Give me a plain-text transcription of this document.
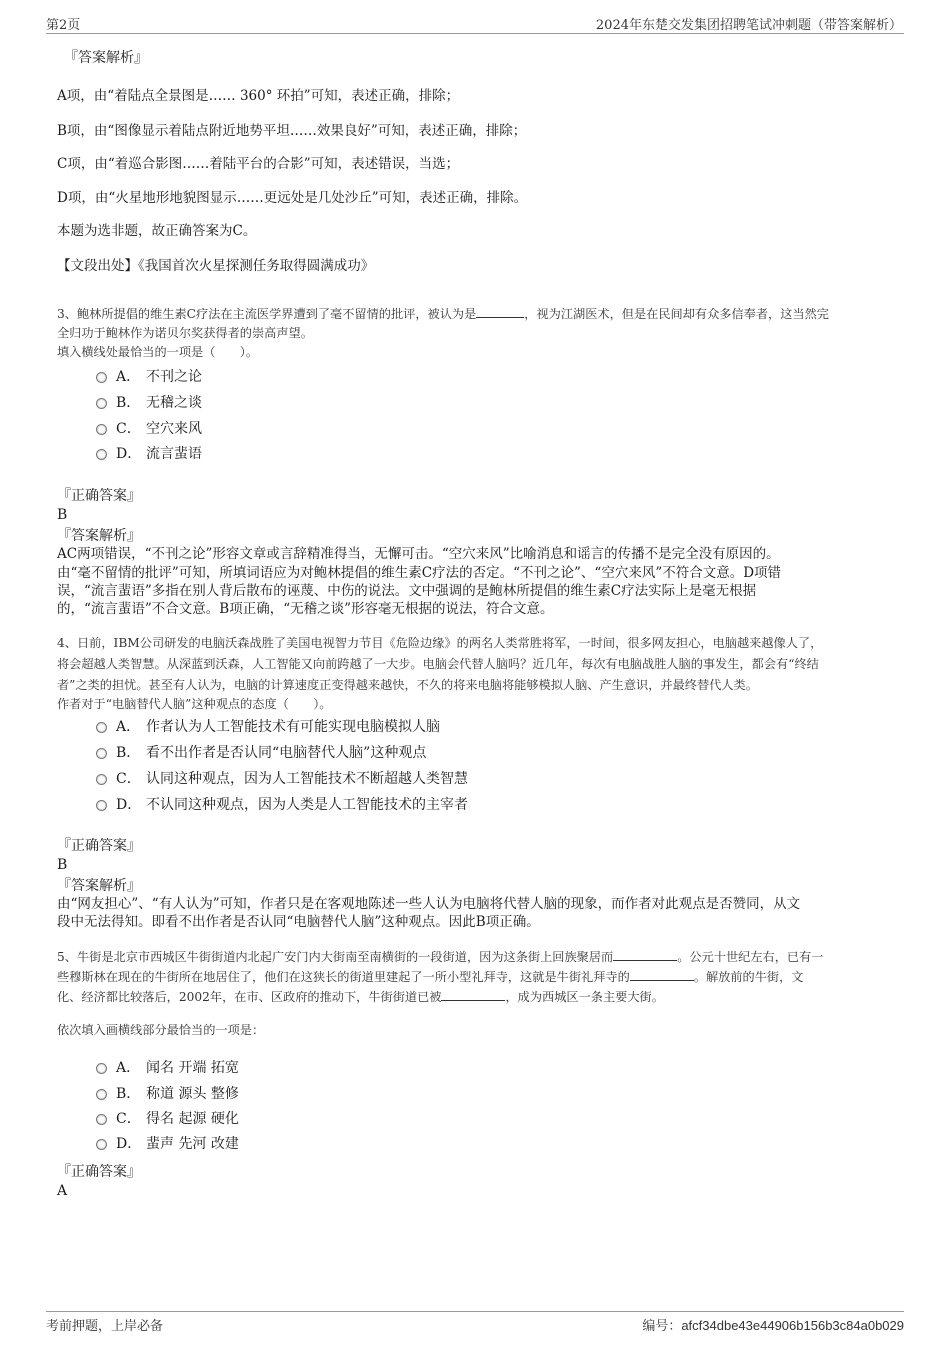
第2页	2024年东楚交发集团招聘笔试冲刺题（带答案解析）
『答案解析』
A项，由“着陆点全景图是…… 360° 环拍”可知，表述正确，排除；
B项，由“图像显示着陆点附近地势平坦……效果良好”可知，表述正确，排除；
C项，由“着巡合影图……着陆平台的合影”可知，表述错误，当选；
D项，由“火星地形地貌图显示……更远处是几处沙丘”可知，表述正确，排除。
本题为选非题，故正确答案为C。
【文段出处】《我国首次火星探测任务取得圆满成功》
3、鲍林所提倡的维生素C疗法在主流医学界遭到了毫不留情的批评，被认为是	，视为江湖医术，但是在民间却有众多信奉者，这当然完
全归功于鲍林作为诺贝尔奖获得者的崇高声望。
填入横线处最恰当的一项是（　　）。
A． 不刊之论
B． 无稽之谈
C． 空穴来风
D． 流言蜚语
『正确答案』
B
『答案解析』
AC两项错误，“不刊之论”形容文章或言辞精准得当，无懈可击。“空穴来风”比喻消息和谣言的传播不是完全没有原因的。
由“毫不留情的批评”可知，所填词语应为对鲍林提倡的维生素C疗法的否定。“不刊之论”、“空穴来风”不符合文意。D项错
误，“流言蜚语”多指在别人背后散布的诬蔑、中伤的说法。文中强调的是鲍林所提倡的维生素C疗法实际上是毫无根据
的，“流言蜚语”不合文意。B项正确，“无稽之谈”形容毫无根据的说法，符合文意。
4、日前，IBM公司研发的电脑沃森战胜了美国电视智力节目《危险边缘》的两名人类常胜将军，一时间，很多网友担心，电脑越来越像人了，
将会超越人类智慧。从深蓝到沃森，人工智能又向前跨越了一大步。电脑会代替人脑吗？近几年，每次有电脑战胜人脑的事发生，都会有“终结
者”之类的担忧。甚至有人认为，电脑的计算速度正变得越来越快，不久的将来电脑将能够模拟人脑、产生意识，并最终替代人类。
作者对于“电脑替代人脑”这种观点的态度（　　）。
A． 作者认为人工智能技术有可能实现电脑模拟人脑
B． 看不出作者是否认同“电脑替代人脑”这种观点
C． 认同这种观点，因为人工智能技术不断超越人类智慧
D． 不认同这种观点，因为人类是人工智能技术的主宰者
『正确答案』
B
『答案解析』
由“网友担心”、“有人认为”可知，作者只是在客观地陈述一些人认为电脑将代替人脑的现象，而作者对此观点是否赞同，从文
段中无法得知。即看不出作者是否认同“电脑替代人脑”这种观点。因此B项正确。
5、牛街是北京市西城区牛街街道内北起广安门内大街南至南横街的一段街道，因为这条街上回族聚居而	。公元十世纪左右，已有一
些穆斯林在现在的牛街所在地居住了，他们在这狭长的街道里建起了一所小型礼拜寺，这就是牛街礼拜寺的	。解放前的牛街，文
化、经济都比较落后，2002年，在市、区政府的推动下，牛街街道已被	，成为西城区一条主要大街。
依次填入画横线部分最恰当的一项是：
A． 闻名 开端 拓宽
B． 称道 源头 整修
C． 得名 起源 硬化
D． 蜚声 先河 改建
『正确答案』
A
考前押题，上岸必备	编号：afcf34dbe43e44906b156b3c84a0b029
